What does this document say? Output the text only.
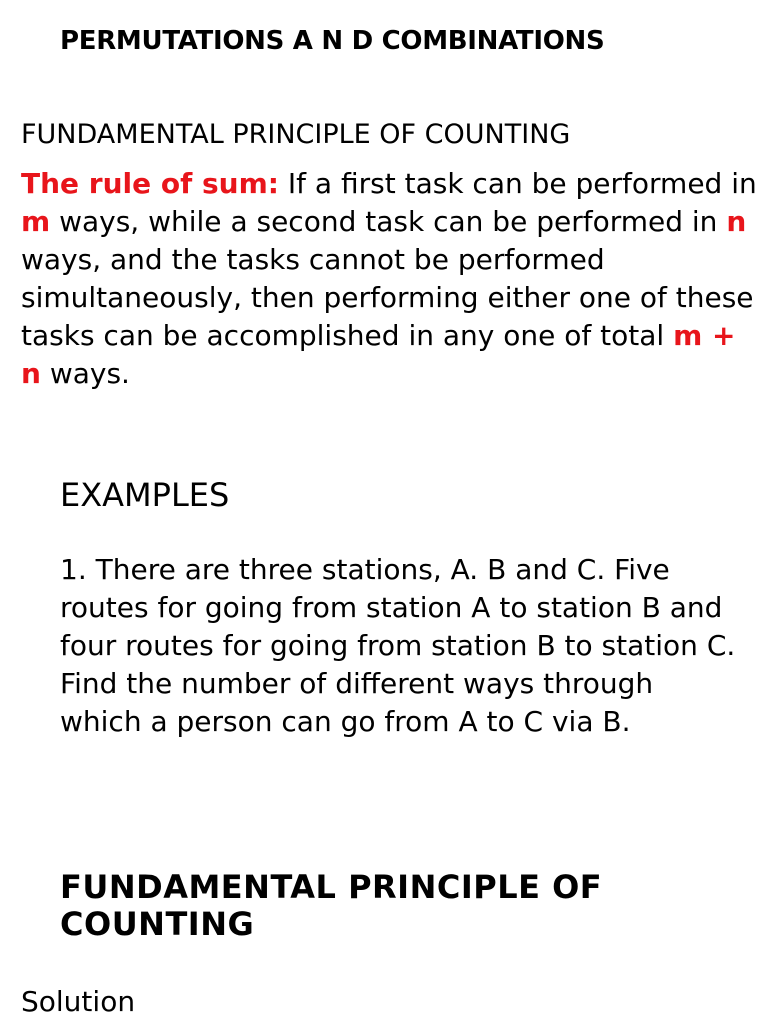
PERMUTATIONS A N D COMBINATIONS
FUNDAMENTAL PRINCIPLE OF COUNTING

The rule of sum: If a first task can be performed in m ways, while a second task can be performed in n ways, and the tasks cannot be performed simultaneously, then performing either one of these tasks can be accomplished in any one of total m + n ways.

EXAMPLES

1. There are three stations, A. B and C. Five routes for going from station A to station B and four routes for going from station B to station C. Find the number of different ways through which a person can go from A to C via B.

FUNDAMENTAL PRINCIPLE OF COUNTING
Solution
